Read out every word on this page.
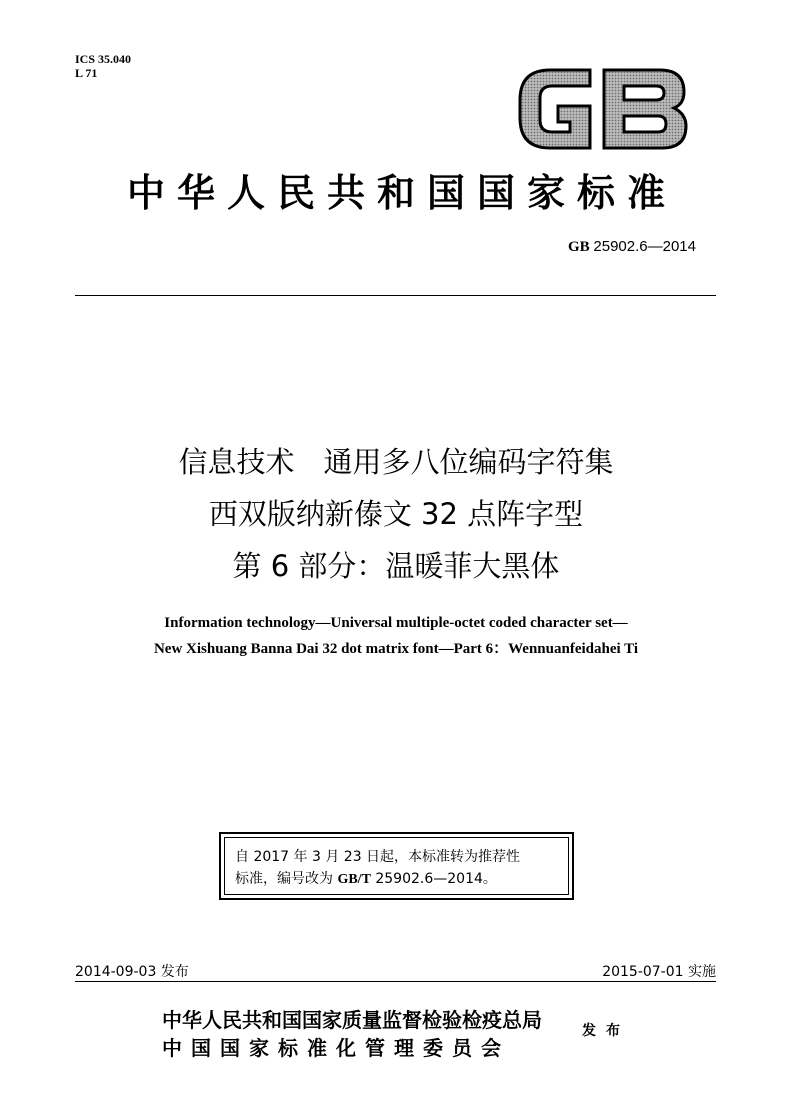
ICS 35.040
L 71
中华人民共和国国家标准
GB 25902.6—2014
信息技术　通用多八位编码字符集
西双版纳新傣文 32 点阵字型
第 6 部分：温暖菲大黑体
Information technology—Universal multiple-octet coded character set—
New Xishuang Banna Dai 32 dot matrix font—Part 6：Wennuanfeidahei Ti
自 2017 年 3 月 23 日起，本标准转为推荐性
标准，编号改为 GB/T 25902.6—2014。
2014-09-03 发布	2015-07-01 实施
中华人民共和国国家质量监督检验检疫总局
中国国家标准化管理委员会
发布
